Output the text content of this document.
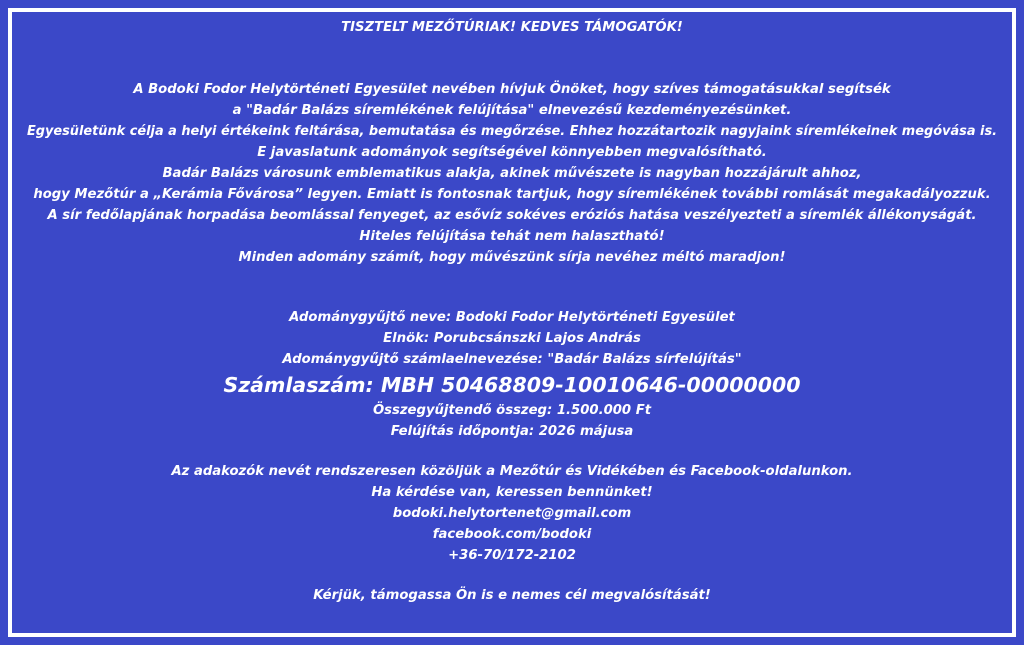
TISZTELT MEZŐTÚRIAK! KEDVES TÁMOGATÓK!
A Bodoki Fodor Helytörténeti Egyesület nevében hívjuk Önöket, hogy szíves támogatásukkal segítsék
a "Badár Balázs síremlékének felújítása" elnevezésű kezdeményezésünket.
Egyesületünk célja a helyi értékeink feltárása, bemutatása és megőrzése. Ehhez hozzátartozik nagyjaink síremlékeinek megóvása is.
E javaslatunk adományok segítségével könnyebben megvalósítható.
Badár Balázs városunk emblematikus alakja, akinek művészete is nagyban hozzájárult ahhoz,
hogy Mezőtúr a „Kerámia Fővárosa” legyen. Emiatt is fontosnak tartjuk, hogy síremlékének további romlását megakadályozzuk.
A sír fedőlapjának horpadása beomlással fenyeget, az esővíz sokéves eróziós hatása veszélyezteti a síremlék állékonyságát.
Hiteles felújítása tehát nem halasztható!
Minden adomány számít, hogy művészünk sírja nevéhez méltó maradjon!
Adománygyűjtő neve: Bodoki Fodor Helytörténeti Egyesület
Elnök: Porubcsánszki Lajos András
Adománygyűjtő számlaelnevezése: "Badár Balázs sírfelújítás"
Számlaszám: MBH 50468809-10010646-00000000
Összegyűjtendő összeg: 1.500.000 Ft
Felújítás időpontja: 2026 májusa
Az adakozók nevét rendszeresen közöljük a Mezőtúr és Vidékében és Facebook-oldalunkon.
Ha kérdése van, keressen bennünket!
bodoki.helytortenet@gmail.com
facebook.com/bodoki
+36-70/172-2102
Kérjük, támogassa Ön is e nemes cél megvalósítását!
